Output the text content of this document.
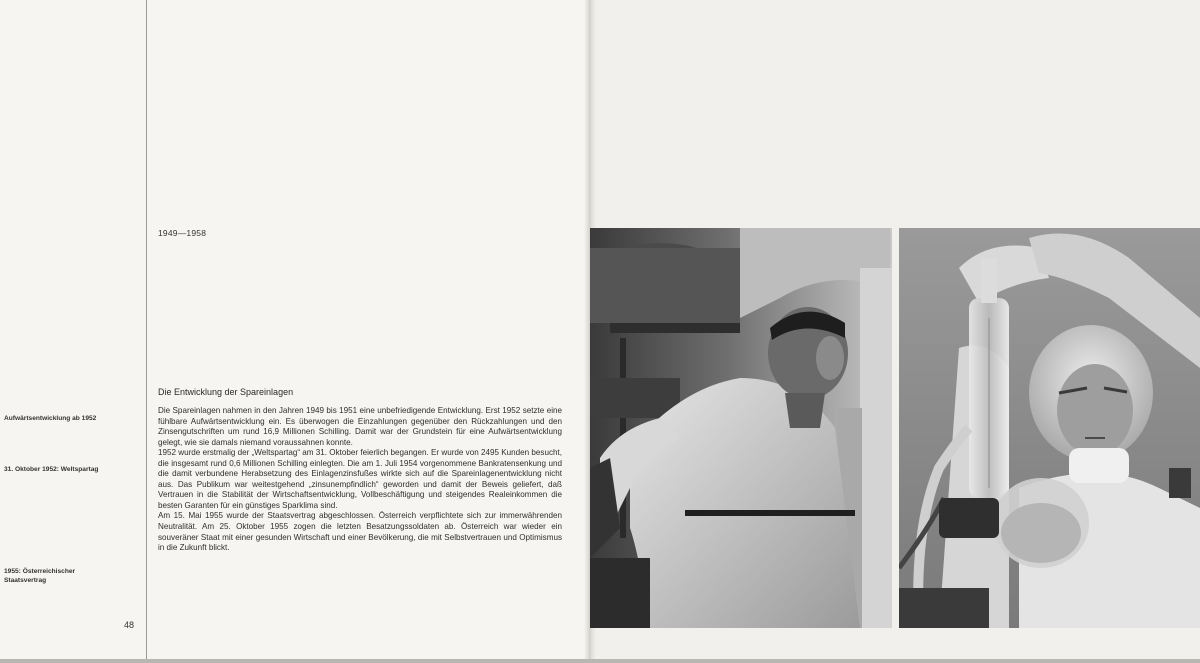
1949—1958
Die Entwicklung der Spareinlagen

Die Spareinlagen nahmen in den Jahren 1949 bis 1951 eine unbefriedigende Entwicklung. Erst 1952 setzte eine fühlbare Aufwärtsentwicklung ein. Es überwogen die Einzahlungen gegenüber den Rückzahlungen und den Zinsengutschriften um rund 16,9 Millionen Schilling. Damit war der Grundstein für eine Aufwärtsentwicklung gelegt, wie sie damals niemand voraussahnen konnte.

1952 wurde erstmalig der „Weltspartag“ am 31. Oktober feierlich begangen. Er wurde von 2495 Kunden besucht, die insgesamt rund 0,6 Millionen Schilling einlegten. Die am 1. Juli 1954 vorgenommene Bankratensenkung und die damit verbundene Herabsetzung des Einlagenzinsfußes wirkte sich auf die Spareinlagenentwicklung nicht aus. Das Publikum war weitestgehend „zinsunempfindlich“ geworden und damit der Beweis geliefert, daß Vertrauen in die Stabilität der Wirtschaftsentwicklung, Vollbeschäftigung und steigendes Realeinkommen die besten Garanten für ein günstiges Sparklima sind.

Am 15. Mai 1955 wurde der Staatsvertrag abgeschlossen. Österreich verpflichtete sich zur immerwährenden Neutralität. Am 25. Oktober 1955 zogen die letzten Besatzungssoldaten ab. Österreich war wieder ein souveräner Staat mit einer gesunden Wirtschaft und einer Bevölkerung, die mit Selbstvertrauen und Optimismus in die Zukunft blickt.

Aufwärtsentwicklung ab 1952
31. Oktober 1952: Weltspartag
1955: Österreichischer Staatsvertrag
48
